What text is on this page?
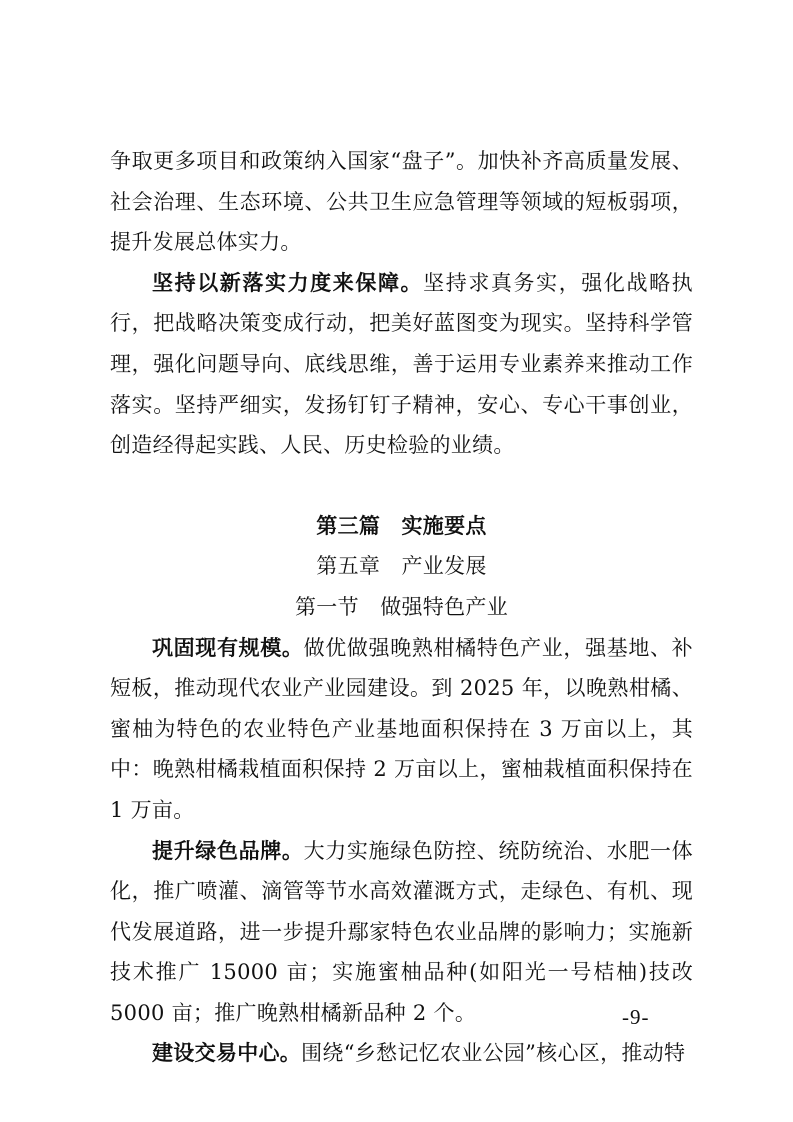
争取更多项目和政策纳入国家“盘子”。加快补齐高质量发展、社会治理、生态环境、公共卫生应急管理等领域的短板弱项，提升发展总体实力。

坚持以新落实力度来保障。坚持求真务实，强化战略执行，把战略决策变成行动，把美好蓝图变为现实。坚持科学管理，强化问题导向、底线思维，善于运用专业素养来推动工作落实。坚持严细实，发扬钉钉子精神，安心、专心干事创业，创造经得起实践、人民、历史检验的业绩。

第三篇　实施要点

第五章　产业发展

第一节　做强特色产业

巩固现有规模。做优做强晚熟柑橘特色产业，强基地、补短板，推动现代农业产业园建设。到 2025 年，以晚熟柑橘、蜜柚为特色的农业特色产业基地面积保持在 3 万亩以上，其中：晚熟柑橘栽植面积保持 2 万亩以上，蜜柚栽植面积保持在 1 万亩。

提升绿色品牌。大力实施绿色防控、统防统治、水肥一体化，推广喷灌、滴管等节水高效灌溉方式，走绿色、有机、现代发展道路，进一步提升鄢家特色农业品牌的影响力；实施新技术推广 15000 亩；实施蜜柚品种(如阳光一号桔柚)技改 5000 亩；推广晚熟柑橘新品种 2 个。

建设交易中心。围绕“乡愁记忆农业公园”核心区，推动特

-9-
